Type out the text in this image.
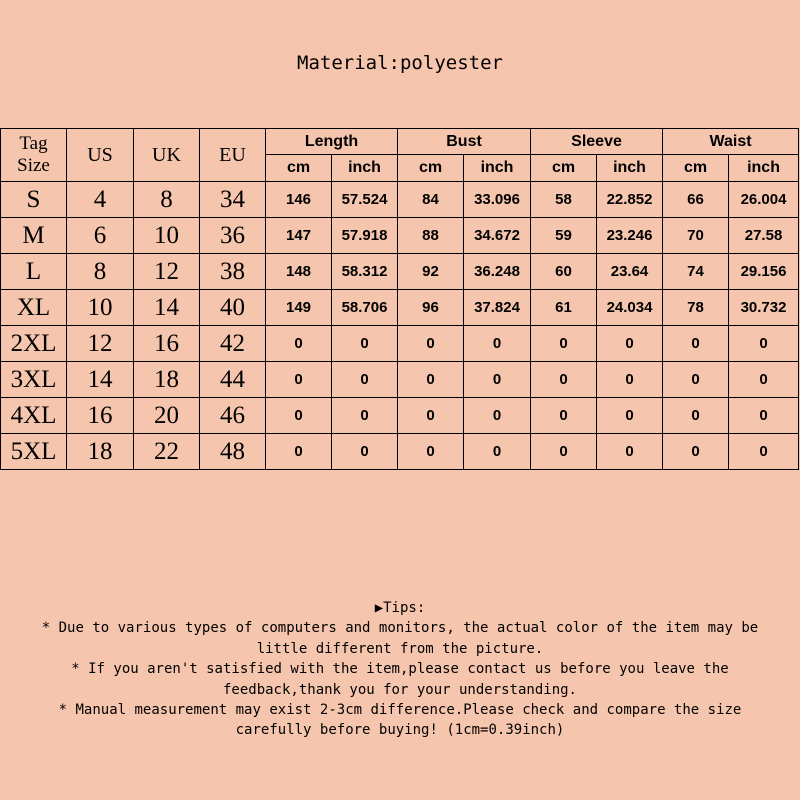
Material:polyester
Tag Size	US	UK	EU	Length		Bust		Sleeve		Waist	
				cm	inch	cm	inch	cm	inch	cm	inch
S	4	8	34	146	57.524	84	33.096	58	22.852	66	26.004
M	6	10	36	147	57.918	88	34.672	59	23.246	70	27.58
L	8	12	38	148	58.312	92	36.248	60	23.64	74	29.156
XL	10	14	40	149	58.706	96	37.824	61	24.034	78	30.732
2XL	12	16	42	0	0	0	0	0	0	0	0
3XL	14	18	44	0	0	0	0	0	0	0	0
4XL	16	20	46	0	0	0	0	0	0	0	0
5XL	18	22	48	0	0	0	0	0	0	0	0

▶Tips:

* Due to various types of computers and monitors, the actual color of the item may be

little different from the picture.

* If you aren't satisfied with the item,please contact us before you leave the

feedback,thank you for your understanding.

* Manual measurement may exist 2-3cm difference.Please check and compare the size

carefully before buying! (1cm=0.39inch)
